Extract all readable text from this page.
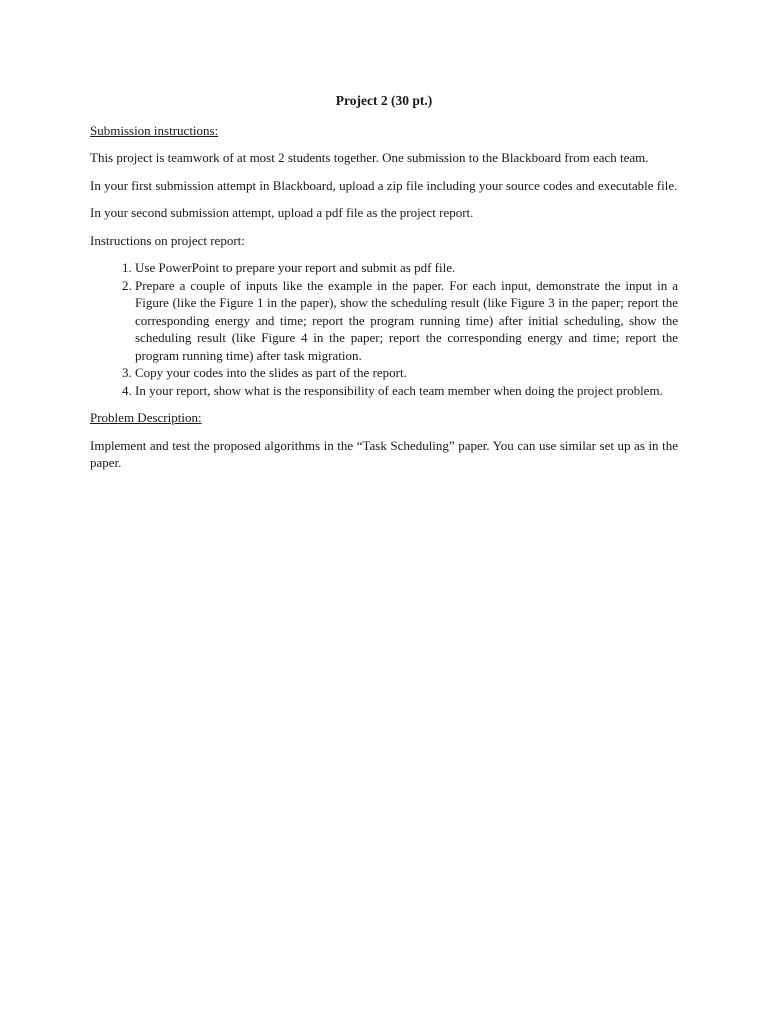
Project 2 (30 pt.)
Submission instructions:

This project is teamwork of at most 2 students together. One submission to the Blackboard from each team.

In your first submission attempt in Blackboard, upload a zip file including your source codes and executable file.

In your second submission attempt, upload a pdf file as the project report.

Instructions on project report:

1. Use PowerPoint to prepare your report and submit as pdf file.
2. Prepare a couple of inputs like the example in the paper. For each input, demonstrate the input in a Figure (like the Figure 1 in the paper), show the scheduling result (like Figure 3 in the paper; report the corresponding energy and time; report the program running time) after initial scheduling, show the scheduling result (like Figure 4 in the paper; report the corresponding energy and time; report the program running time) after task migration.
3. Copy your codes into the slides as part of the report.
4. In your report, show what is the responsibility of each team member when doing the project problem.
Problem Description:

Implement and test the proposed algorithms in the “Task Scheduling” paper. You can use similar set up as in the paper.
